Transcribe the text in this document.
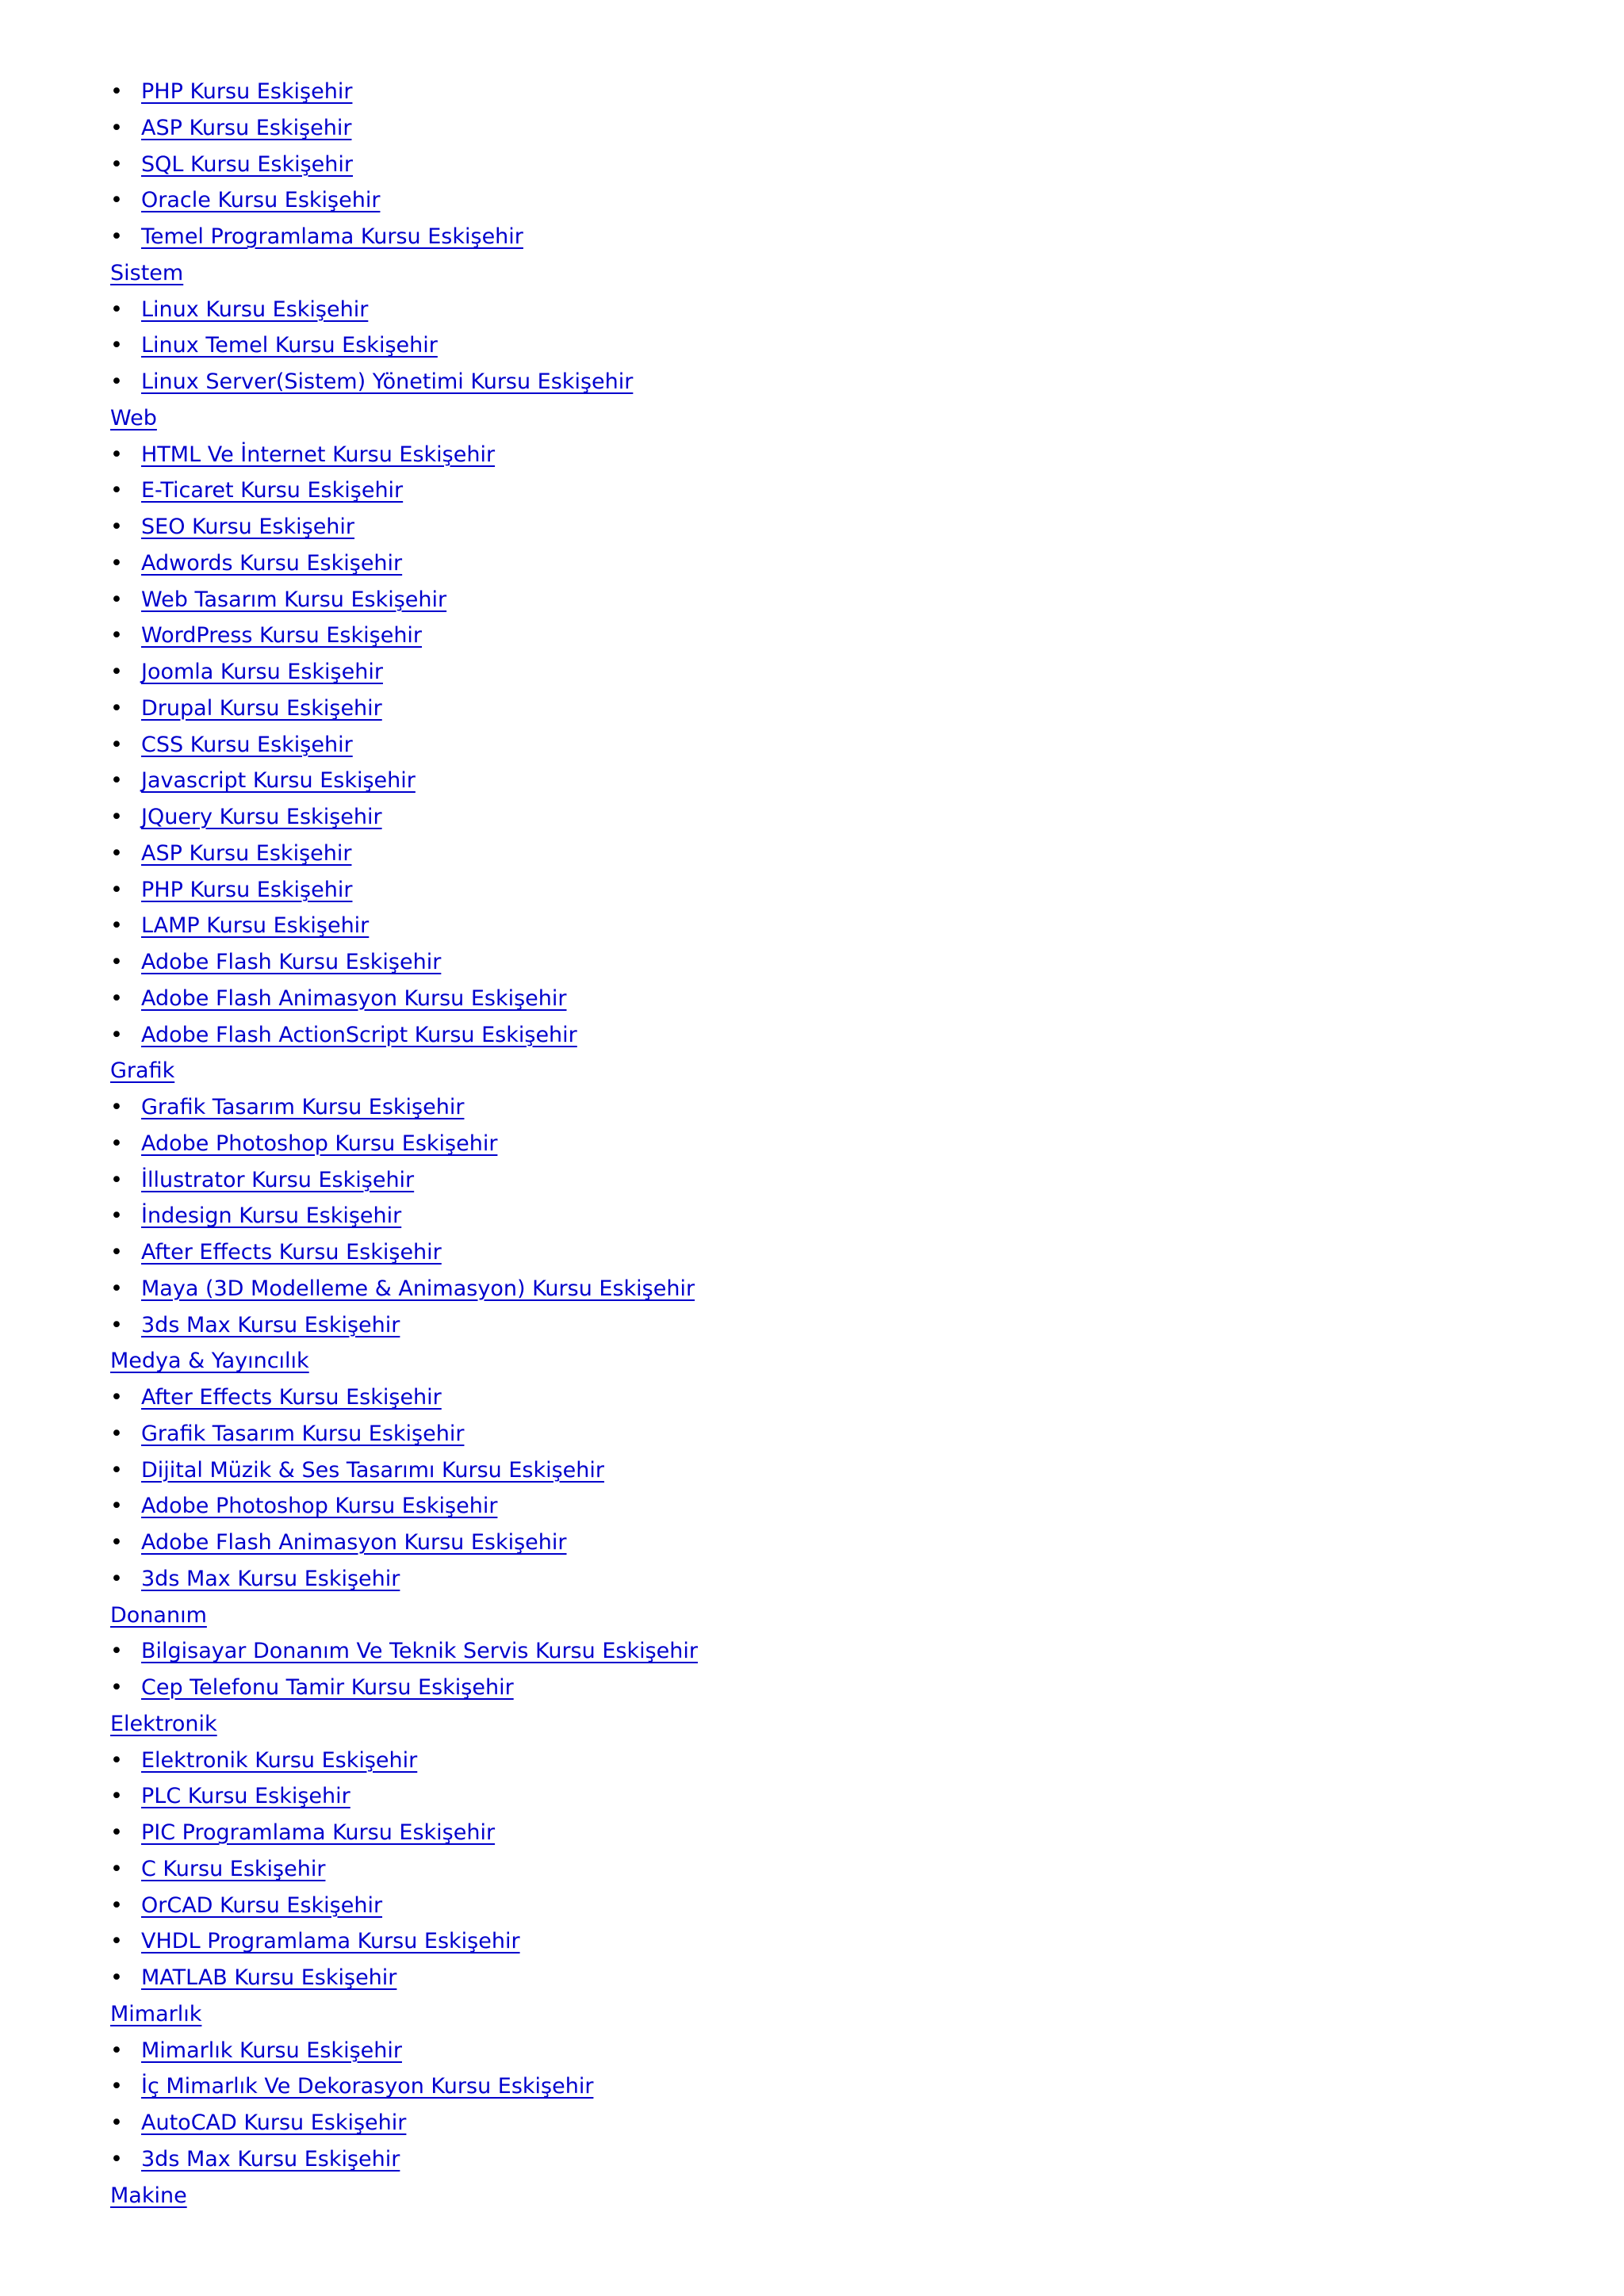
• PHP Kursu Eskişehir
• ASP Kursu Eskişehir
• SQL Kursu Eskişehir
• Oracle Kursu Eskişehir
• Temel Programlama Kursu Eskişehir
Sistem
• Linux Kursu Eskişehir
• Linux Temel Kursu Eskişehir
• Linux Server(Sistem) Yönetimi Kursu Eskişehir
Web
• HTML Ve İnternet Kursu Eskişehir
• E-Ticaret Kursu Eskişehir
• SEO Kursu Eskişehir
• Adwords Kursu Eskişehir
• Web Tasarım Kursu Eskişehir
• WordPress Kursu Eskişehir
• Joomla Kursu Eskişehir
• Drupal Kursu Eskişehir
• CSS Kursu Eskişehir
• Javascript Kursu Eskişehir
• JQuery Kursu Eskişehir
• ASP Kursu Eskişehir
• PHP Kursu Eskişehir
• LAMP Kursu Eskişehir
• Adobe Flash Kursu Eskişehir
• Adobe Flash Animasyon Kursu Eskişehir
• Adobe Flash ActionScript Kursu Eskişehir
Grafik
• Grafik Tasarım Kursu Eskişehir
• Adobe Photoshop Kursu Eskişehir
• İllustrator Kursu Eskişehir
• İndesign Kursu Eskişehir
• After Effects Kursu Eskişehir
• Maya (3D Modelleme & Animasyon) Kursu Eskişehir
• 3ds Max Kursu Eskişehir
Medya & Yayıncılık
• After Effects Kursu Eskişehir
• Grafik Tasarım Kursu Eskişehir
• Dijital Müzik & Ses Tasarımı Kursu Eskişehir
• Adobe Photoshop Kursu Eskişehir
• Adobe Flash Animasyon Kursu Eskişehir
• 3ds Max Kursu Eskişehir
Donanım
• Bilgisayar Donanım Ve Teknik Servis Kursu Eskişehir
• Cep Telefonu Tamir Kursu Eskişehir
Elektronik
• Elektronik Kursu Eskişehir
• PLC Kursu Eskişehir
• PIC Programlama Kursu Eskişehir
• C Kursu Eskişehir
• OrCAD Kursu Eskişehir
• VHDL Programlama Kursu Eskişehir
• MATLAB Kursu Eskişehir
Mimarlık
• Mimarlık Kursu Eskişehir
• İç Mimarlık Ve Dekorasyon Kursu Eskişehir
• AutoCAD Kursu Eskişehir
• 3ds Max Kursu Eskişehir
Makine
